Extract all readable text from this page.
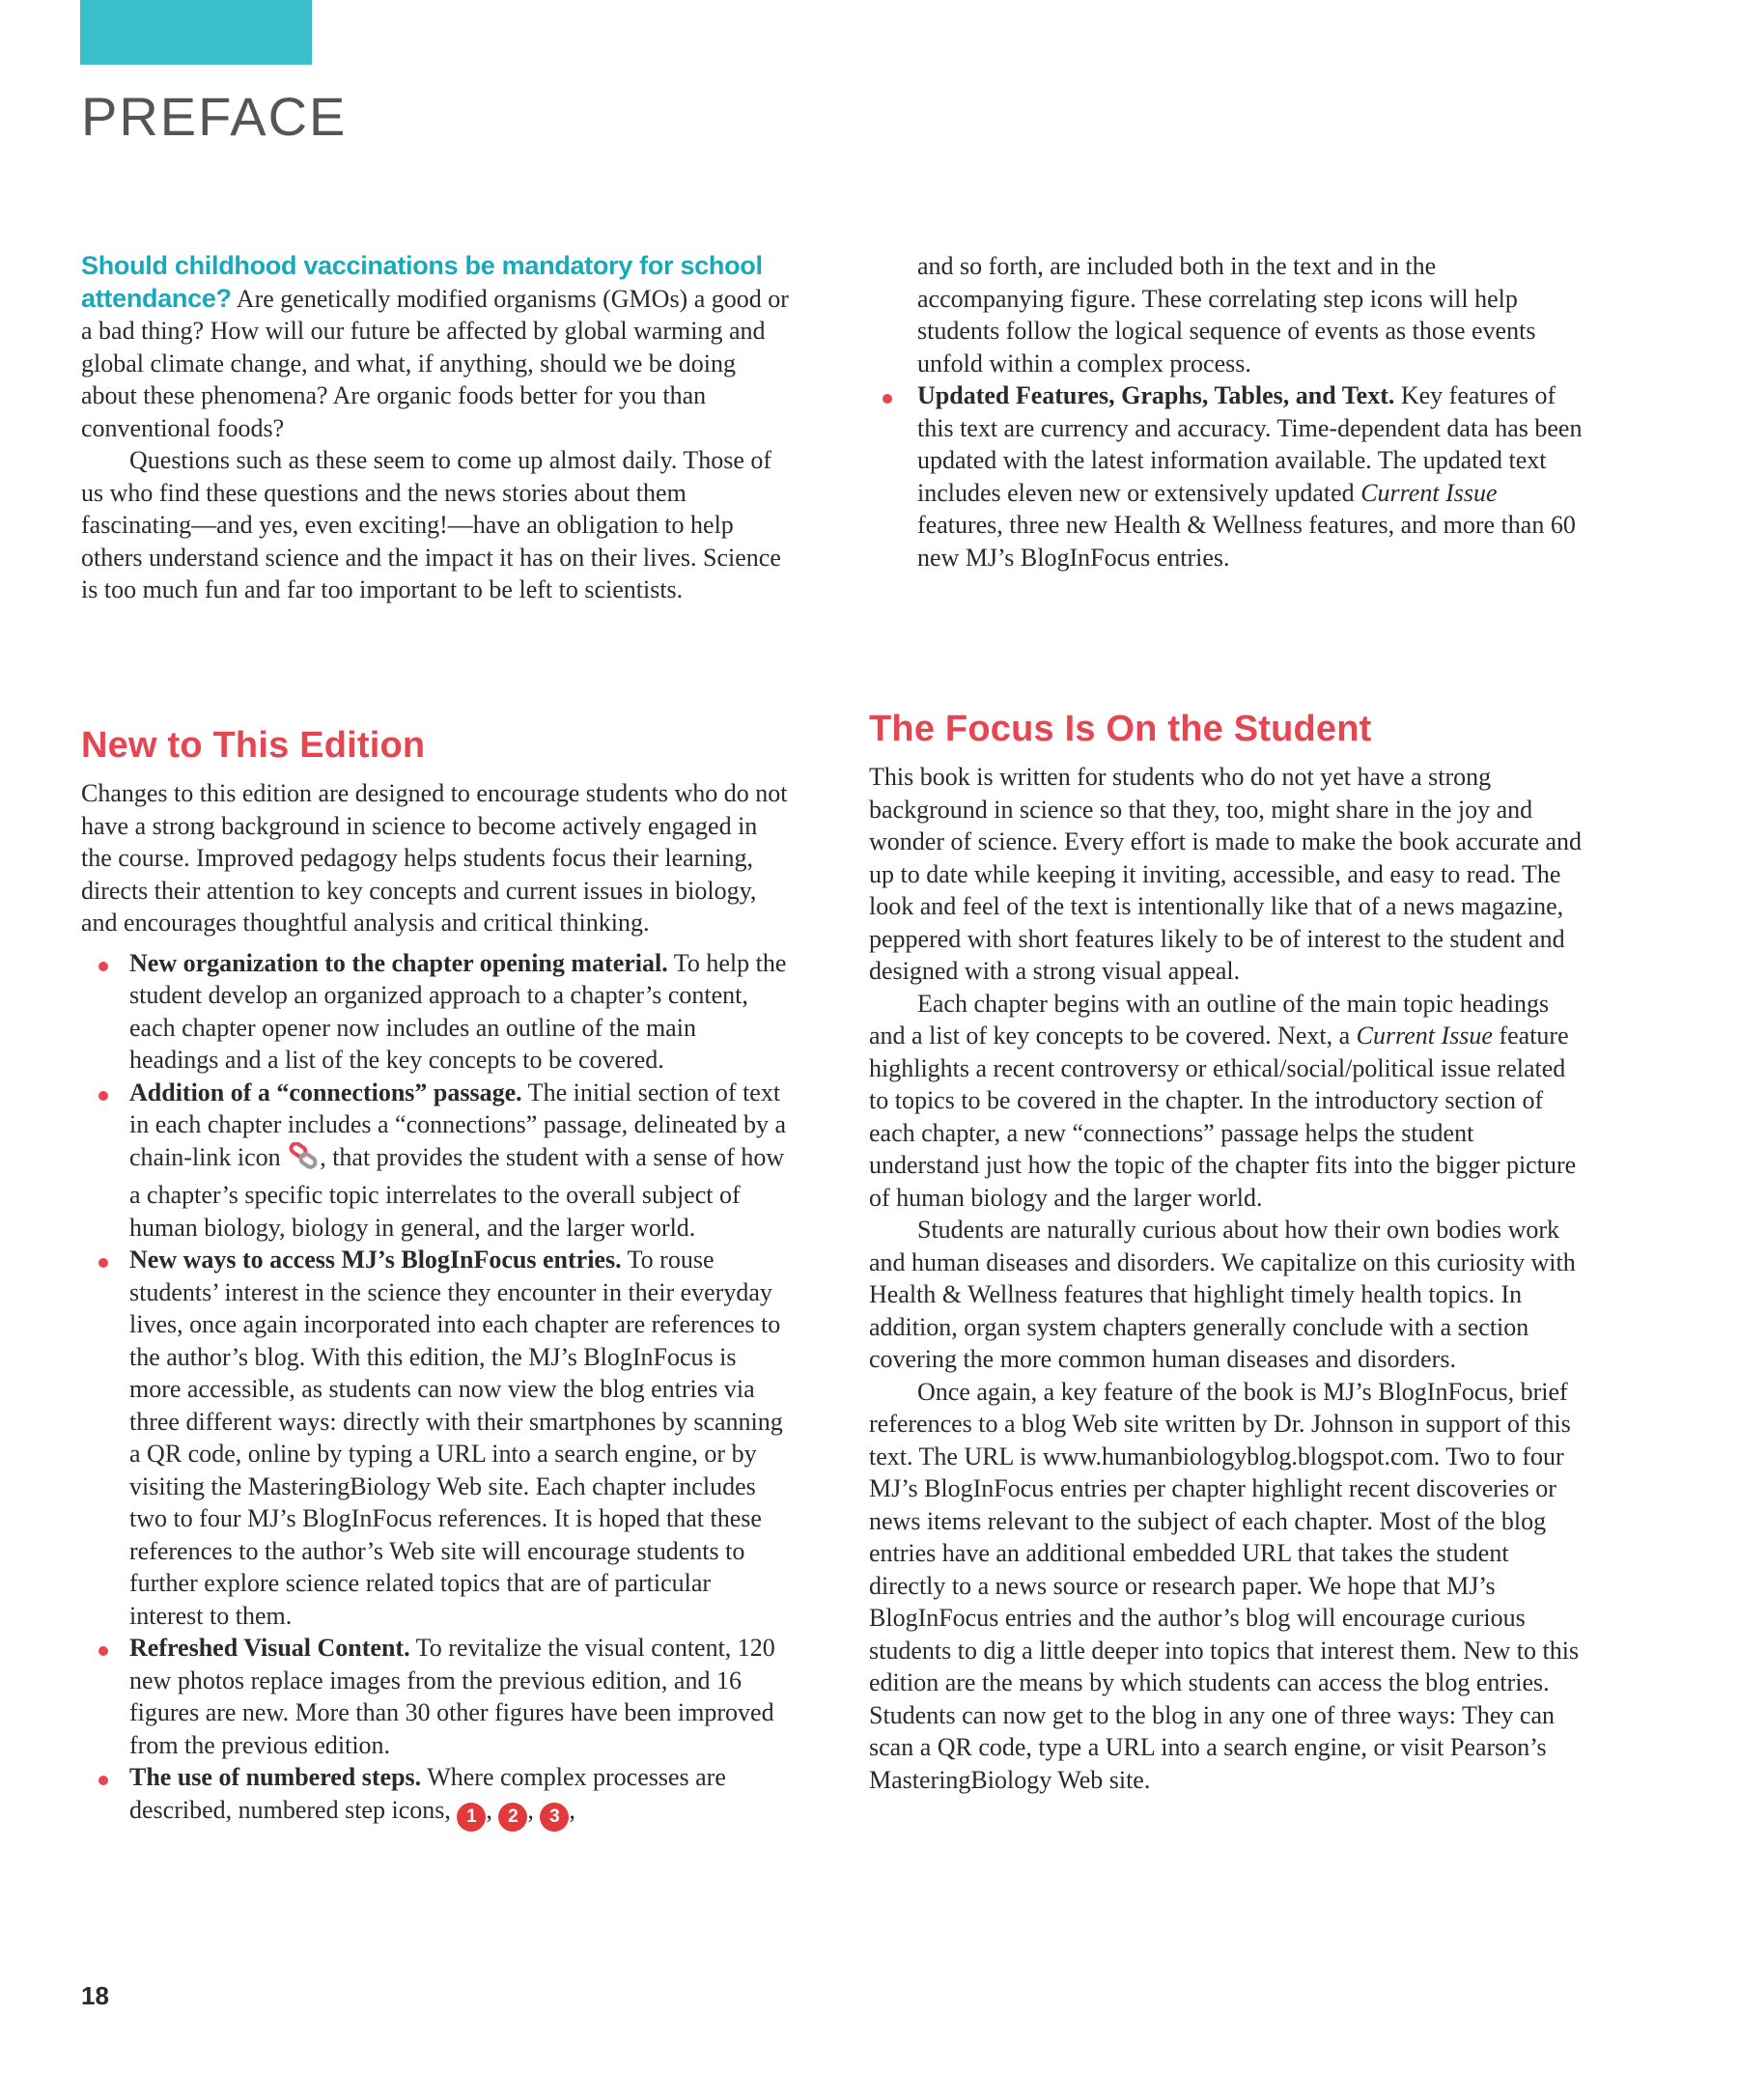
PREFACE

Should childhood vaccinations be mandatory for school attendance? Are genetically modified organisms (GMOs) a good or a bad thing? How will our future be affected by global warming and global climate change, and what, if anything, should we be doing about these phenomena? Are organic foods better for you than conventional foods?

Questions such as these seem to come up almost daily. Those of us who find these questions and the news stories about them fascinating—and yes, even exciting!—have an obligation to help others understand science and the impact it has on their lives. Science is too much fun and far too important to be left to scientists.

New to This Edition

Changes to this edition are designed to encourage students who do not have a strong background in science to become actively engaged in the course. Improved pedagogy helps students focus their learning, directs their attention to key concepts and current issues in biology, and encourages thoughtful analysis and critical thinking.

New organization to the chapter opening material. To help the student develop an organized approach to a chapter’s content, each chapter opener now includes an outline of the main headings and a list of the key concepts to be covered.
Addition of a “connections” passage. The initial section of text in each chapter includes a “connections” passage, delineated by a chain-link icon , that provides the student with a sense of how a chapter’s specific topic interrelates to the overall subject of human biology, biology in general, and the larger world.
New ways to access MJ’s BlogInFocus entries. To rouse students’ interest in the science they encounter in their everyday lives, once again incorporated into each chapter are references to the author’s blog. With this edition, the MJ’s BlogInFocus is more accessible, as students can now view the blog entries via three different ways: directly with their smartphones by scanning a QR code, online by typing a URL into a search engine, or by visiting the MasteringBiology Web site. Each chapter includes two to four MJ’s BlogInFocus references. It is hoped that these references to the author’s Web site will encourage students to further explore science related topics that are of particular interest to them.
Refreshed Visual Content. To revitalize the visual content, 120 new photos replace images from the previous edition, and 16 figures are new. More than 30 other figures have been improved from the previous edition.
The use of numbered steps. Where complex processes are described, numbered step icons, 1 , 2 , 3 ,

and so forth, are included both in the text and in the accompanying figure. These correlating step icons will help students follow the logical sequence of events as those events unfold within a complex process.

Updated Features, Graphs, Tables, and Text. Key features of this text are currency and accuracy. Time-dependent data has been updated with the latest information available. The updated text includes eleven new or extensively updated Current Issue features, three new Health & Wellness features, and more than 60 new MJ’s BlogInFocus entries.
The Focus Is On the Student

This book is written for students who do not yet have a strong background in science so that they, too, might share in the joy and wonder of science. Every effort is made to make the book accurate and up to date while keeping it inviting, accessible, and easy to read. The look and feel of the text is intentionally like that of a news magazine, peppered with short features likely to be of interest to the student and designed with a strong visual appeal.

Each chapter begins with an outline of the main topic headings and a list of key concepts to be covered. Next, a Current Issue feature highlights a recent controversy or ethical/social/political issue related to topics to be covered in the chapter. In the introductory section of each chapter, a new “connections” passage helps the student understand just how the topic of the chapter fits into the bigger picture of human biology and the larger world.

Students are naturally curious about how their own bodies work and human diseases and disorders. We capitalize on this curiosity with Health & Wellness features that highlight timely health topics. In addition, organ system chapters generally conclude with a section covering the more common human diseases and disorders.

Once again, a key feature of the book is MJ’s BlogInFocus, brief references to a blog Web site written by Dr. Johnson in support of this text. The URL is www.humanbiologyblog.blogspot.com. Two to four MJ’s BlogInFocus entries per chapter highlight recent discoveries or news items relevant to the subject of each chapter. Most of the blog entries have an additional embedded URL that takes the student directly to a news source or research paper. We hope that MJ’s BlogInFocus entries and the author’s blog will encourage curious students to dig a little deeper into topics that interest them. New to this edition are the means by which students can access the blog entries. Students can now get to the blog in any one of three ways: They can scan a QR code, type a URL into a search engine, or visit Pearson’s MasteringBiology Web site.

18
